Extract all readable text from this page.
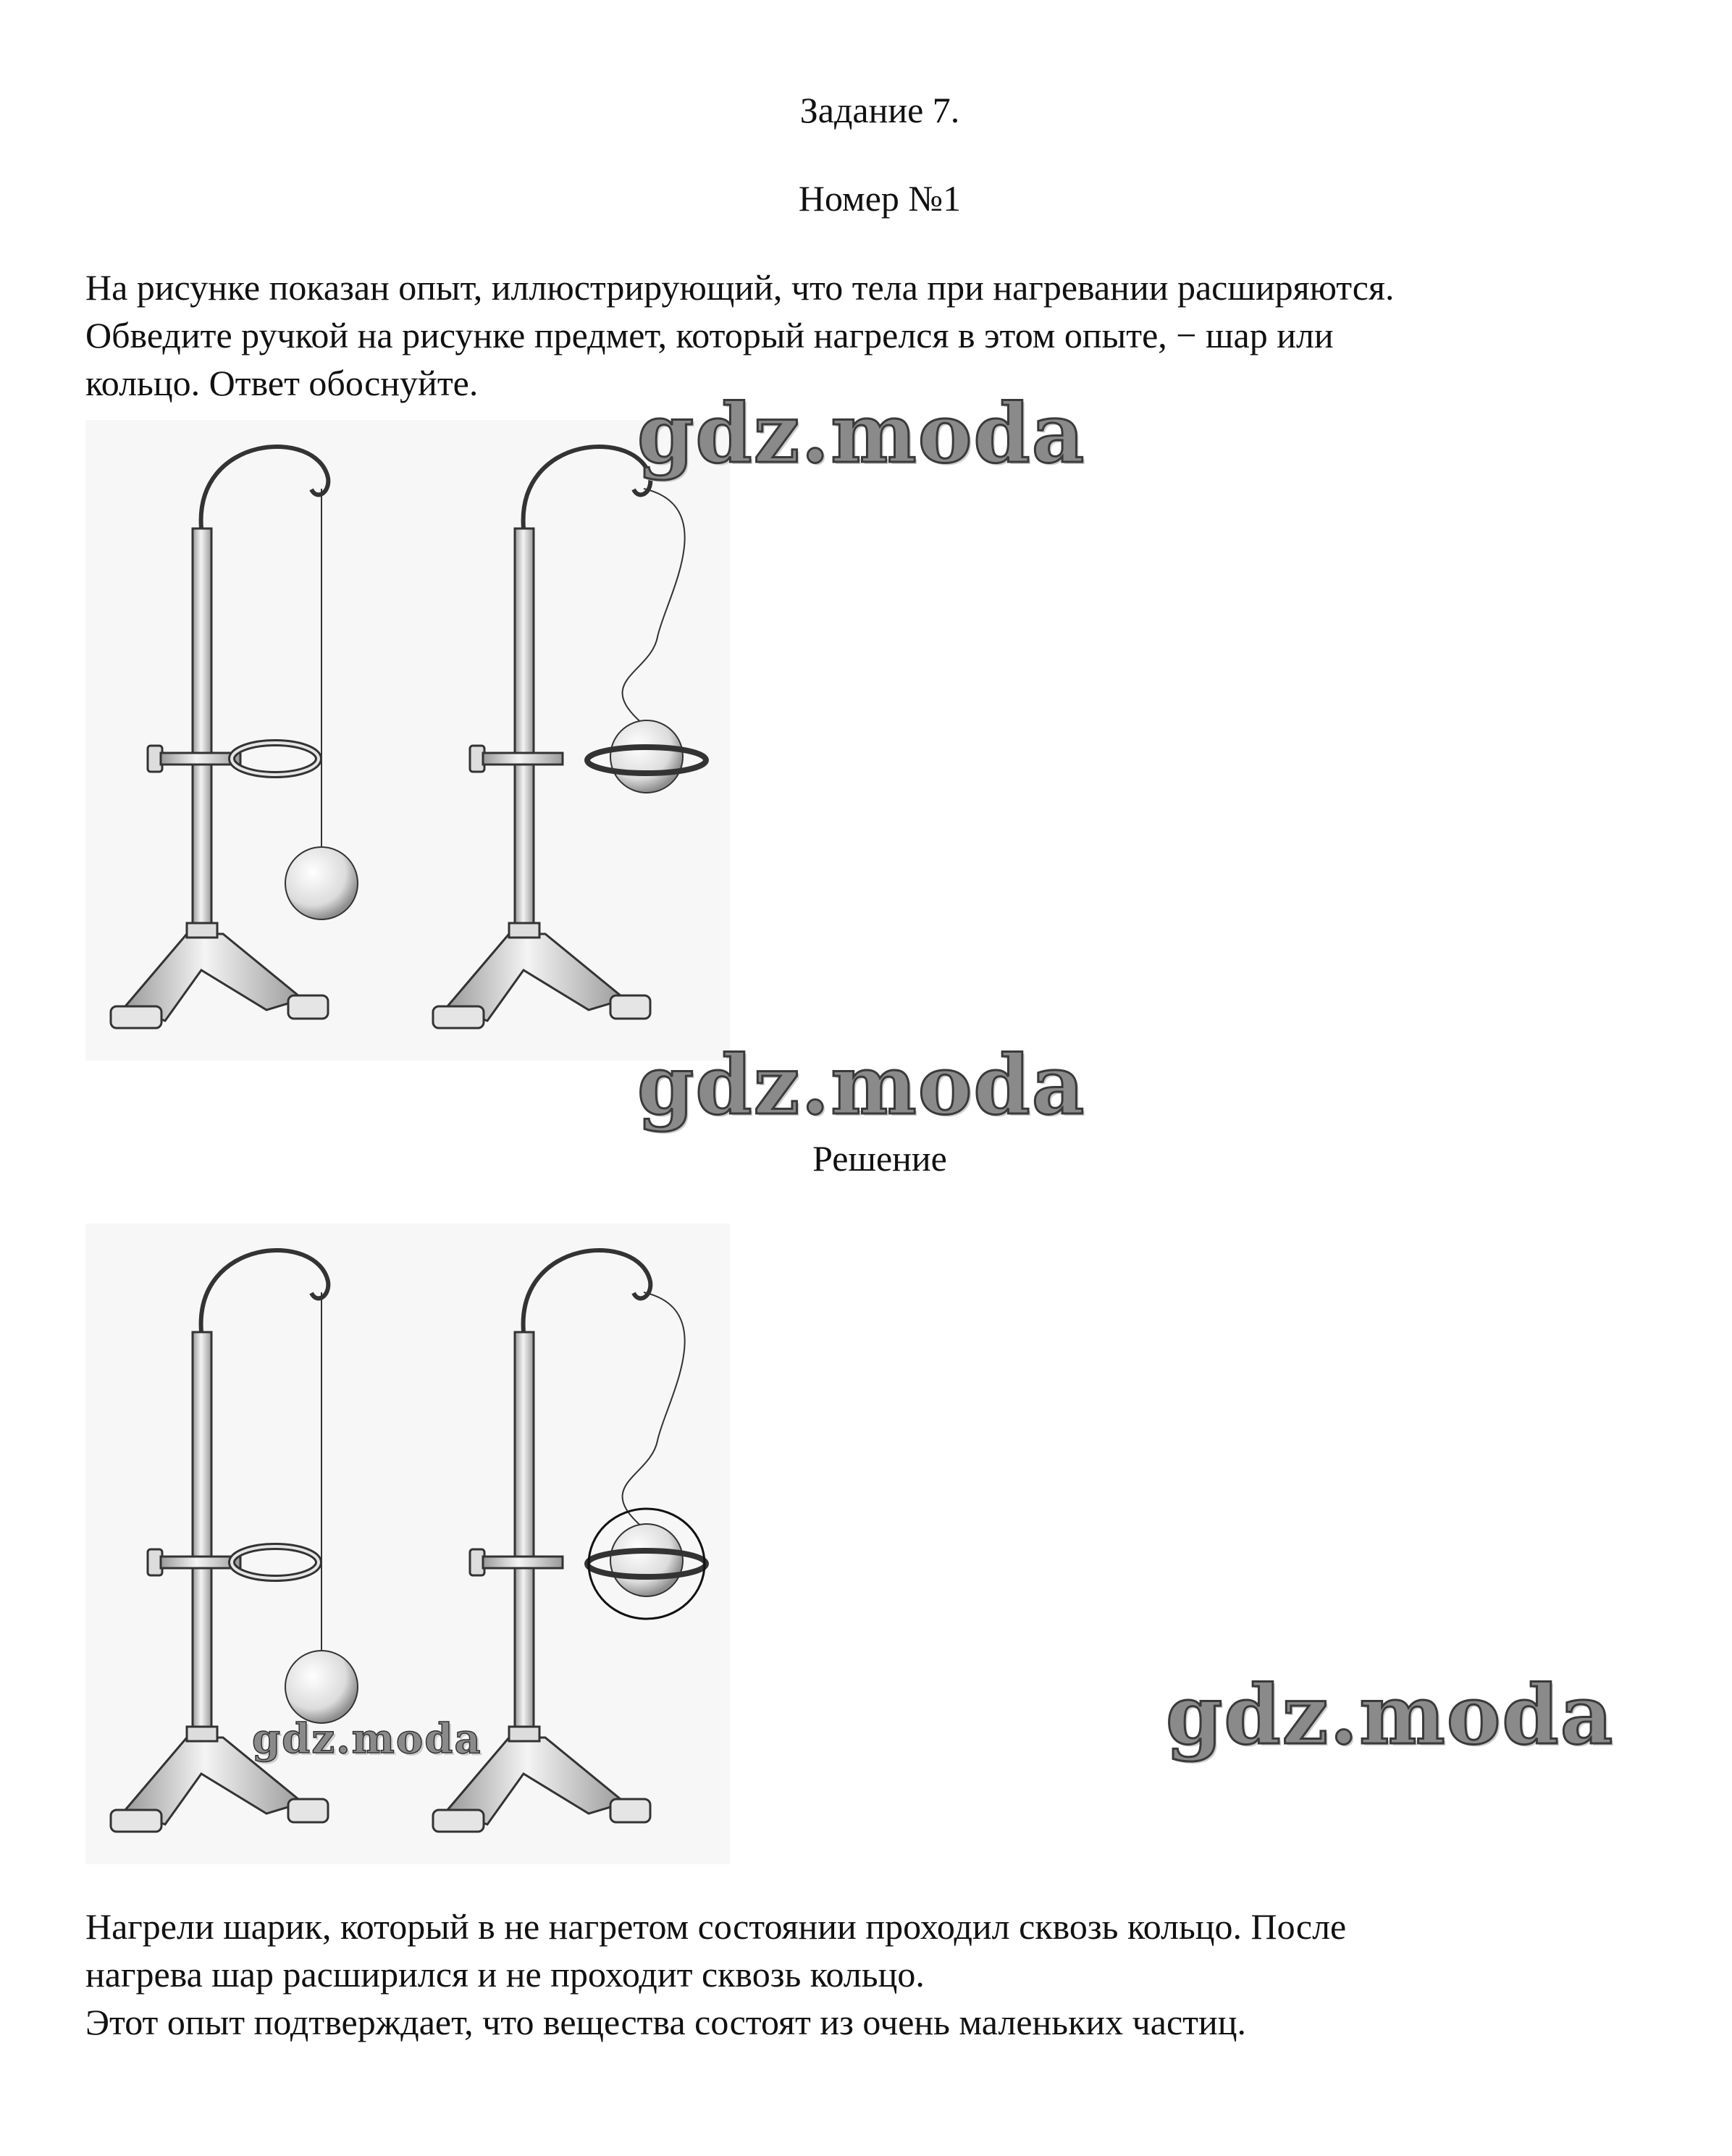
Задание 7.
Номер №1

На рисунке показан опыт, иллюстрирующий, что тела при нагревании расширяются.
Обведите ручкой на рисунке предмет, который нагрелся в этом опыте, − шар или
кольцо. Ответ обоснуйте.

gdz.moda
gdz.moda
Решение
gdz.moda	gdz.moda

Нагрели шарик, который в не нагретом состоянии проходил сквозь кольцо. После
нагрева шар расширился и не проходит сквозь кольцо.
Этот опыт подтверждает, что вещества состоят из очень маленьких частиц.
